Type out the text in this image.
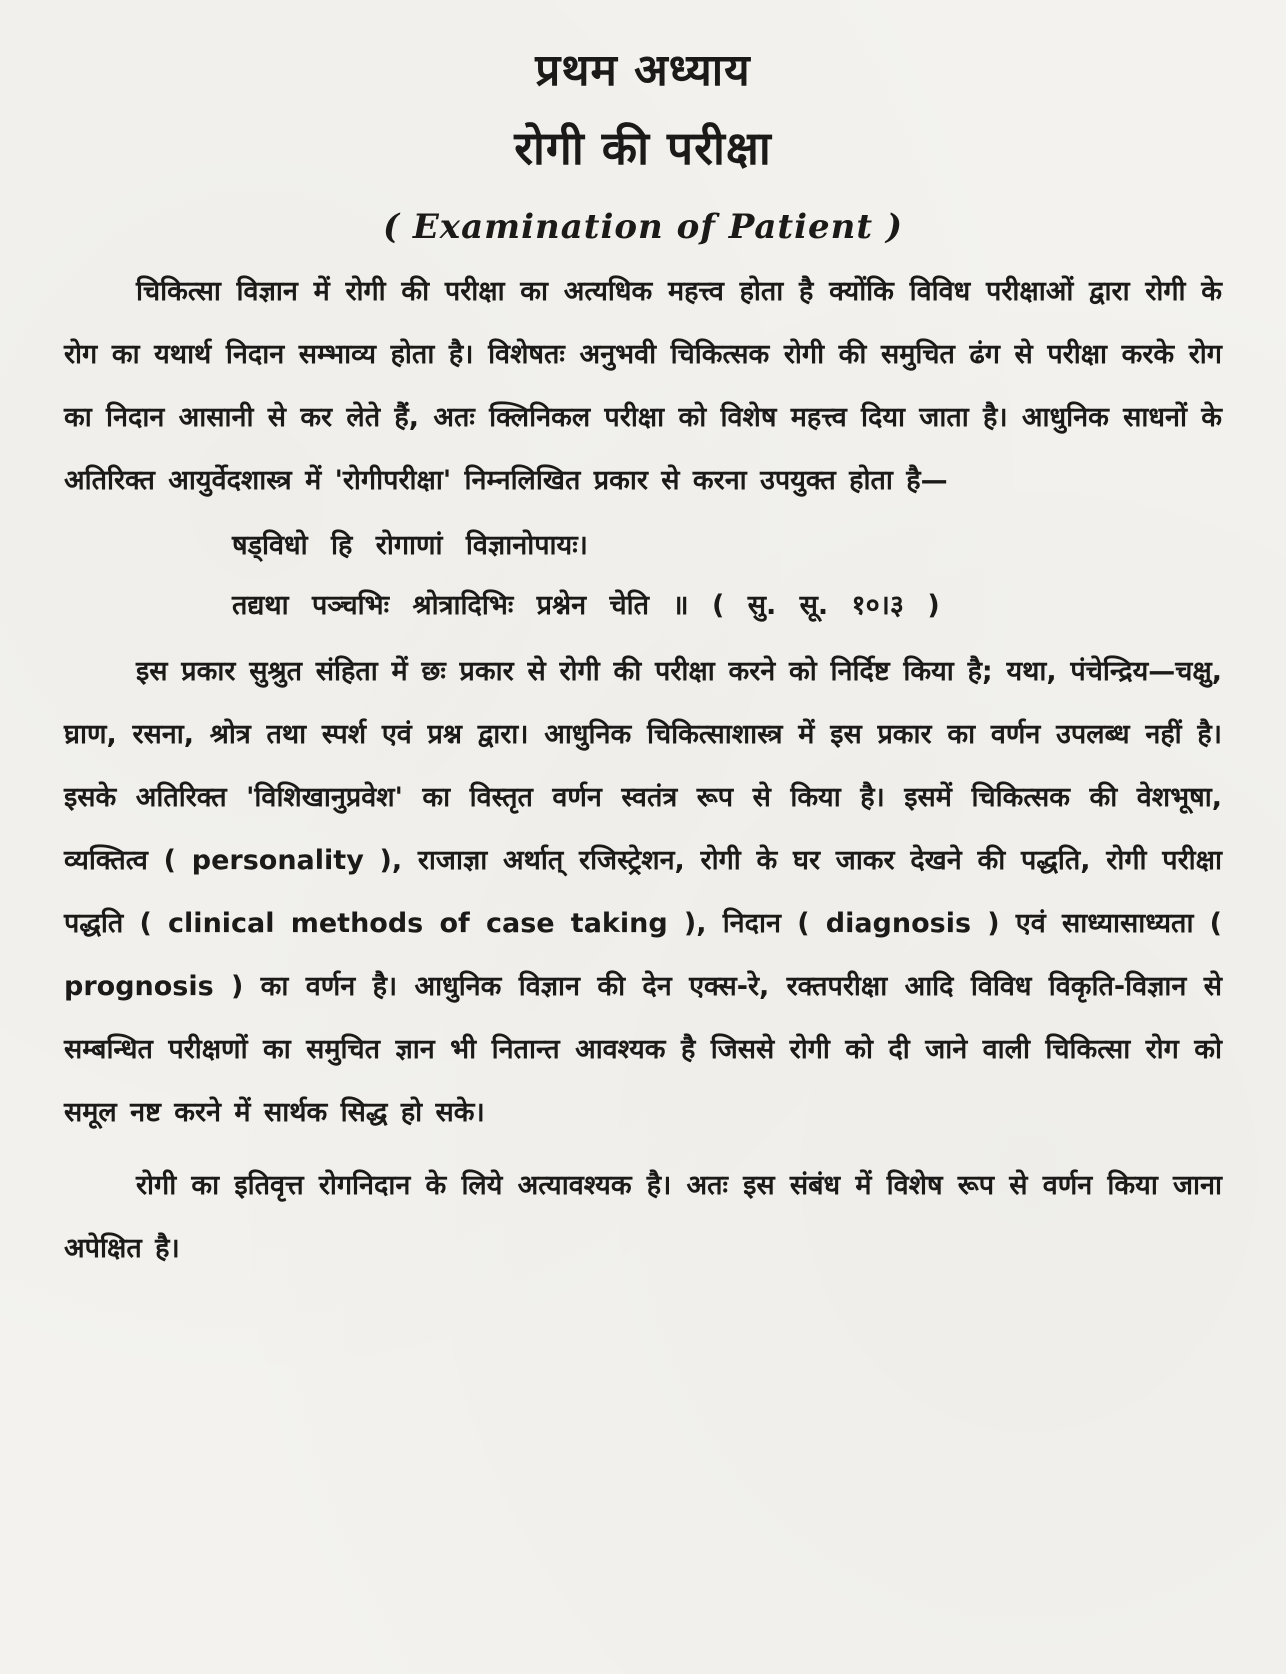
प्रथम अध्याय
रोगी की परीक्षा
( Examination of Patient )

चिकित्सा विज्ञान में रोगी की परीक्षा का अत्यधिक महत्त्व होता है क्योंकि विविध परीक्षाओं द्वारा रोगी के रोग का यथार्थ निदान सम्भाव्य होता है। विशेषतः अनुभवी चिकित्सक रोगी की समुचित ढंग से परीक्षा करके रोग का निदान आसानी से कर लेते हैं, अतः क्लिनिकल परीक्षा को विशेष महत्त्व दिया जाता है। आधुनिक साधनों के अतिरिक्त आयुर्वेदशास्त्र में 'रोगीपरीक्षा' निम्नलिखित प्रकार से करना उपयुक्त होता है—

षड्विधो हि रोगाणां विज्ञानोपायः।
तद्यथा पञ्चभिः श्रोत्रादिभिः प्रश्नेन चेति ॥ ( सु. सू. १०।३ )

इस प्रकार सुश्रुत संहिता में छः प्रकार से रोगी की परीक्षा करने को निर्दिष्ट किया है; यथा, पंचेन्द्रिय—चक्षु, घ्राण, रसना, श्रोत्र तथा स्पर्श एवं प्रश्न द्वारा। आधुनिक चिकित्साशास्त्र में इस प्रकार का वर्णन उपलब्ध नहीं है। इसके अतिरिक्त 'विशिखानुप्रवेश' का विस्तृत वर्णन स्वतंत्र रूप से किया है। इसमें चिकित्सक की वेशभूषा, व्यक्तित्व ( personality ), राजाज्ञा अर्थात् रजिस्ट्रेशन, रोगी के घर जाकर देखने की पद्धति, रोगी परीक्षा पद्धति ( clinical methods of case taking ), निदान ( diagnosis ) एवं साध्यासाध्यता ( prognosis ) का वर्णन है। आधुनिक विज्ञान की देन एक्स-रे, रक्तपरीक्षा आदि विविध विकृति-विज्ञान से सम्बन्धित परीक्षणों का समुचित ज्ञान भी नितान्त आवश्यक है जिससे रोगी को दी जाने वाली चिकित्सा रोग को समूल नष्ट करने में सार्थक सिद्ध हो सके।

रोगी का इतिवृत्त रोगनिदान के लिये अत्यावश्यक है। अतः इस संबंध में विशेष रूप से वर्णन किया जाना अपेक्षित है।
